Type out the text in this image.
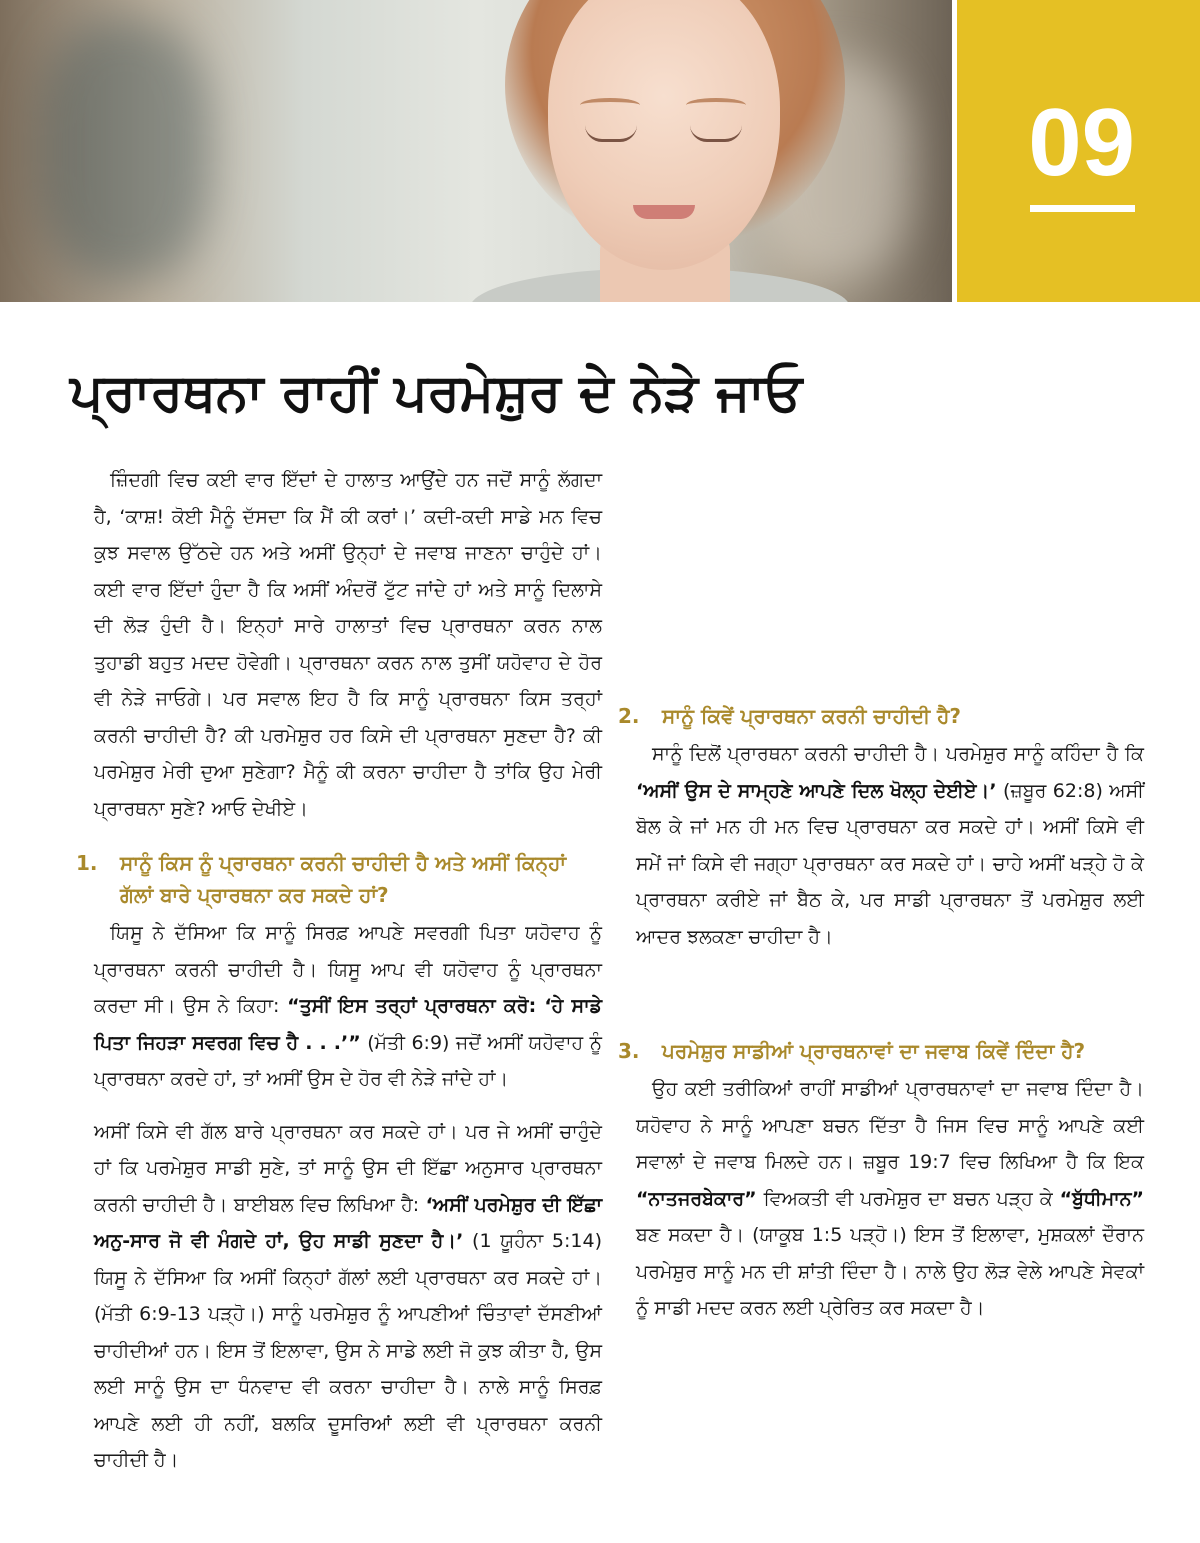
09
ਪ੍ਰਾਰਥਨਾ ਰਾਹੀਂ ਪਰਮੇਸ਼ੁਰ ਦੇ ਨੇੜੇ ਜਾਓ

ਜ਼ਿੰਦਗੀ ਵਿਚ ਕਈ ਵਾਰ ਇੱਦਾਂ ਦੇ ਹਾਲਾਤ ਆਉਂਦੇ ਹਨ ਜਦੋਂ ਸਾਨੂੰ ਲੱਗਦਾ ਹੈ, ‘ਕਾਸ਼! ਕੋਈ ਮੈਨੂੰ ਦੱਸਦਾ ਕਿ ਮੈਂ ਕੀ ਕਰਾਂ।’ ਕਦੀ-ਕਦੀ ਸਾਡੇ ਮਨ ਵਿਚ ਕੁਝ ਸਵਾਲ ਉੱਠਦੇ ਹਨ ਅਤੇ ਅਸੀਂ ਉਨ੍ਹਾਂ ਦੇ ਜਵਾਬ ਜਾਣਨਾ ਚਾਹੁੰਦੇ ਹਾਂ। ਕਈ ਵਾਰ ਇੱਦਾਂ ਹੁੰਦਾ ਹੈ ਕਿ ਅਸੀਂ ਅੰਦਰੋਂ ਟੁੱਟ ਜਾਂਦੇ ਹਾਂ ਅਤੇ ਸਾਨੂੰ ਦਿਲਾਸੇ ਦੀ ਲੋੜ ਹੁੰਦੀ ਹੈ। ਇਨ੍ਹਾਂ ਸਾਰੇ ਹਾਲਾਤਾਂ ਵਿਚ ਪ੍ਰਾਰਥਨਾ ਕਰਨ ਨਾਲ ਤੁਹਾਡੀ ਬਹੁਤ ਮਦਦ ਹੋਵੇਗੀ। ਪ੍ਰਾਰਥਨਾ ਕਰਨ ਨਾਲ ਤੁਸੀਂ ਯਹੋਵਾਹ ਦੇ ਹੋਰ ਵੀ ਨੇੜੇ ਜਾਓਗੇ। ਪਰ ਸਵਾਲ ਇਹ ਹੈ ਕਿ ਸਾਨੂੰ ਪ੍ਰਾਰਥਨਾ ਕਿਸ ਤਰ੍ਹਾਂ ਕਰਨੀ ਚਾਹੀਦੀ ਹੈ? ਕੀ ਪਰਮੇਸ਼ੁਰ ਹਰ ਕਿਸੇ ਦੀ ਪ੍ਰਾਰਥਨਾ ਸੁਣਦਾ ਹੈ? ਕੀ ਪਰਮੇਸ਼ੁਰ ਮੇਰੀ ਦੁਆ ਸੁਣੇਗਾ? ਮੈਨੂੰ ਕੀ ਕਰਨਾ ਚਾਹੀਦਾ ਹੈ ਤਾਂਕਿ ਉਹ ਮੇਰੀ ਪ੍ਰਾਰਥਨਾ ਸੁਣੇ? ਆਓ ਦੇਖੀਏ।

1. ਸਾਨੂੰ ਕਿਸ ਨੂੰ ਪ੍ਰਾਰਥਨਾ ਕਰਨੀ ਚਾਹੀਦੀ ਹੈ ਅਤੇ ਅਸੀਂ ਕਿਨ੍ਹਾਂ ਗੱਲਾਂ ਬਾਰੇ ਪ੍ਰਾਰਥਨਾ ਕਰ ਸਕਦੇ ਹਾਂ?

ਯਿਸੂ ਨੇ ਦੱਸਿਆ ਕਿ ਸਾਨੂੰ ਸਿਰਫ਼ ਆਪਣੇ ਸਵਰਗੀ ਪਿਤਾ ਯਹੋਵਾਹ ਨੂੰ ਪ੍ਰਾਰਥਨਾ ਕਰਨੀ ਚਾਹੀਦੀ ਹੈ। ਯਿਸੂ ਆਪ ਵੀ ਯਹੋਵਾਹ ਨੂੰ ਪ੍ਰਾਰਥਨਾ ਕਰਦਾ ਸੀ। ਉਸ ਨੇ ਕਿਹਾ: “ਤੁਸੀਂ ਇਸ ਤਰ੍ਹਾਂ ਪ੍ਰਾਰਥਨਾ ਕਰੋ: ‘ਹੇ ਸਾਡੇ ਪਿਤਾ ਜਿਹੜਾ ਸਵਰਗ ਵਿਚ ਹੈ . . .’” (ਮੱਤੀ 6:9) ਜਦੋਂ ਅਸੀਂ ਯਹੋਵਾਹ ਨੂੰ ਪ੍ਰਾਰਥਨਾ ਕਰਦੇ ਹਾਂ, ਤਾਂ ਅਸੀਂ ਉਸ ਦੇ ਹੋਰ ਵੀ ਨੇੜੇ ਜਾਂਦੇ ਹਾਂ।

ਅਸੀਂ ਕਿਸੇ ਵੀ ਗੱਲ ਬਾਰੇ ਪ੍ਰਾਰਥਨਾ ਕਰ ਸਕਦੇ ਹਾਂ। ਪਰ ਜੇ ਅਸੀਂ ਚਾਹੁੰਦੇ ਹਾਂ ਕਿ ਪਰਮੇਸ਼ੁਰ ਸਾਡੀ ਸੁਣੇ, ਤਾਂ ਸਾਨੂੰ ਉਸ ਦੀ ਇੱਛਾ ਅਨੁਸਾਰ ਪ੍ਰਾਰਥਨਾ ਕਰਨੀ ਚਾਹੀਦੀ ਹੈ। ਬਾਈਬਲ ਵਿਚ ਲਿਖਿਆ ਹੈ: ‘ਅਸੀਂ ਪਰਮੇਸ਼ੁਰ ਦੀ ਇੱਛਾ ਅਨੁ-ਸਾਰ ਜੋ ਵੀ ਮੰਗਦੇ ਹਾਂ, ਉਹ ਸਾਡੀ ਸੁਣਦਾ ਹੈ।’ (1 ਯੂਹੰਨਾ 5:14) ਯਿਸੂ ਨੇ ਦੱਸਿਆ ਕਿ ਅਸੀਂ ਕਿਨ੍ਹਾਂ ਗੱਲਾਂ ਲਈ ਪ੍ਰਾਰਥਨਾ ਕਰ ਸਕਦੇ ਹਾਂ। (ਮੱਤੀ 6:9-13 ਪੜ੍ਹੋ।) ਸਾਨੂੰ ਪਰਮੇਸ਼ੁਰ ਨੂੰ ਆਪਣੀਆਂ ਚਿੰਤਾਵਾਂ ਦੱਸਣੀਆਂ ਚਾਹੀਦੀਆਂ ਹਨ। ਇਸ ਤੋਂ ਇਲਾਵਾ, ਉਸ ਨੇ ਸਾਡੇ ਲਈ ਜੋ ਕੁਝ ਕੀਤਾ ਹੈ, ਉਸ ਲਈ ਸਾਨੂੰ ਉਸ ਦਾ ਧੰਨਵਾਦ ਵੀ ਕਰਨਾ ਚਾਹੀਦਾ ਹੈ। ਨਾਲੇ ਸਾਨੂੰ ਸਿਰਫ਼ ਆਪਣੇ ਲਈ ਹੀ ਨਹੀਂ, ਬਲਕਿ ਦੂਸਰਿਆਂ ਲਈ ਵੀ ਪ੍ਰਾਰਥਨਾ ਕਰਨੀ ਚਾਹੀਦੀ ਹੈ।

3. ਪਰਮੇਸ਼ੁਰ ਸਾਡੀਆਂ ਪ੍ਰਾਰਥਨਾਵਾਂ ਦਾ ਜਵਾਬ ਕਿਵੇਂ ਦਿੰਦਾ ਹੈ?

ਉਹ ਕਈ ਤਰੀਕਿਆਂ ਰਾਹੀਂ ਸਾਡੀਆਂ ਪ੍ਰਾਰਥਨਾਵਾਂ ਦਾ ਜਵਾਬ ਦਿੰਦਾ ਹੈ। ਯਹੋਵਾਹ ਨੇ ਸਾਨੂੰ ਆਪਣਾ ਬਚਨ ਦਿੱਤਾ ਹੈ ਜਿਸ ਵਿਚ ਸਾਨੂੰ ਆਪਣੇ ਕਈ ਸਵਾਲਾਂ ਦੇ ਜਵਾਬ ਮਿਲਦੇ ਹਨ। ਜ਼ਬੂਰ 19:7 ਵਿਚ ਲਿਖਿਆ ਹੈ ਕਿ ਇਕ “ਨਾਤਜਰਬੇਕਾਰ” ਵਿਅਕਤੀ ਵੀ ਪਰਮੇਸ਼ੁਰ ਦਾ ਬਚਨ ਪੜ੍ਹ ਕੇ “ਬੁੱਧੀਮਾਨ” ਬਣ ਸਕਦਾ ਹੈ। (ਯਾਕੂਬ 1:5 ਪੜ੍ਹੋ।) ਇਸ ਤੋਂ ਇਲਾਵਾ, ਮੁਸ਼ਕਲਾਂ ਦੌਰਾਨ ਪਰਮੇਸ਼ੁਰ ਸਾਨੂੰ ਮਨ ਦੀ ਸ਼ਾਂਤੀ ਦਿੰਦਾ ਹੈ। ਨਾਲੇ ਉਹ ਲੋੜ ਵੇਲੇ ਆਪਣੇ ਸੇਵਕਾਂ ਨੂੰ ਸਾਡੀ ਮਦਦ ਕਰਨ ਲਈ ਪ੍ਰੇਰਿਤ ਕਰ ਸਕਦਾ ਹੈ।

2. ਸਾਨੂੰ ਕਿਵੇਂ ਪ੍ਰਾਰਥਨਾ ਕਰਨੀ ਚਾਹੀਦੀ ਹੈ?

ਸਾਨੂੰ ਦਿਲੋਂ ਪ੍ਰਾਰਥਨਾ ਕਰਨੀ ਚਾਹੀਦੀ ਹੈ। ਪਰਮੇਸ਼ੁਰ ਸਾਨੂੰ ਕਹਿੰਦਾ ਹੈ ਕਿ ‘ਅਸੀਂ ਉਸ ਦੇ ਸਾਮ੍ਹਣੇ ਆਪਣੇ ਦਿਲ ਖੋਲ੍ਹ ਦੇਈਏ।’ (ਜ਼ਬੂਰ 62:8) ਅਸੀਂ ਬੋਲ ਕੇ ਜਾਂ ਮਨ ਹੀ ਮਨ ਵਿਚ ਪ੍ਰਾਰਥਨਾ ਕਰ ਸਕਦੇ ਹਾਂ। ਅਸੀਂ ਕਿਸੇ ਵੀ ਸਮੇਂ ਜਾਂ ਕਿਸੇ ਵੀ ਜਗ੍ਹਾ ਪ੍ਰਾਰਥਨਾ ਕਰ ਸਕਦੇ ਹਾਂ। ਚਾਹੇ ਅਸੀਂ ਖੜ੍ਹੇ ਹੋ ਕੇ ਪ੍ਰਾਰਥਨਾ ਕਰੀਏ ਜਾਂ ਬੈਠ ਕੇ, ਪਰ ਸਾਡੀ ਪ੍ਰਾਰਥਨਾ ਤੋਂ ਪਰਮੇਸ਼ੁਰ ਲਈ ਆਦਰ ਝਲਕਣਾ ਚਾਹੀਦਾ ਹੈ।
